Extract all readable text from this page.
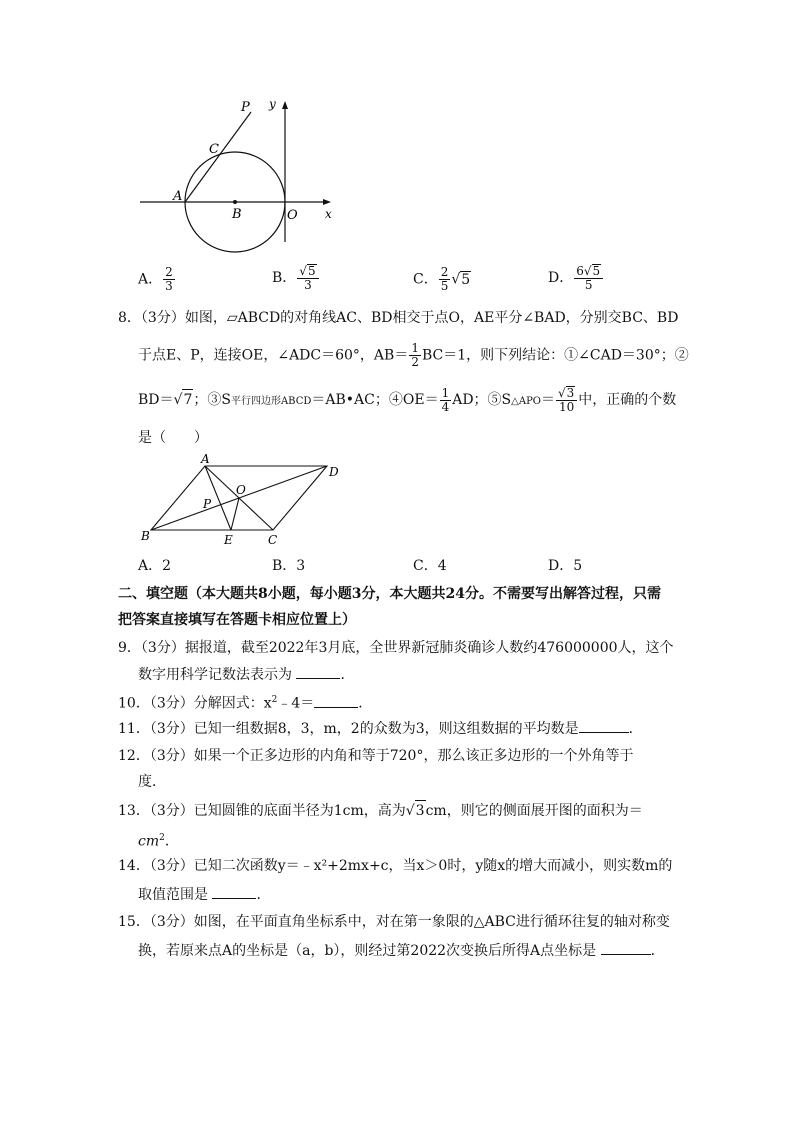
P y
C
A
B	O x
A． $\frac{2}{3}$	B． $\frac{√5}{3}$	C． $\frac{2}{5} √5$	D． $\frac{6√5}{5}$
8．（3分）如图，▱ABCD的对角线AC、BD相交于点O，AE平分∠BAD，分别交BC、BD
于点E、P，连接OE，∠ADC＝60°，$AB= \frac{1}{2} BC=1$，则下列结论：①∠CAD＝30°；②
BD＝√7；③S平行四边形ABCD＝AB•AC；④OE＝ $\frac{1}{4}$ AD；⑤S△APO＝ $\frac{√3}{10}$ 中，正确的个数
是（　　）
A
D
O
P
B	E	C
A．2	B．3	C．4	D．5
二、填空题（本大题共8小题，每小题3分，本大题共24分。不需要写出解答过程，只需
把答案直接填写在答题卡相应位置上）
9．（3分）据报道，截至2022年3月底，全世界新冠肺炎确诊人数约476000000人，这个
数字用科学记数法表示为	．
10．（3分）分解因式：$x^2﹣4=$	．
11．（3分）已知一组数据8，3，m，2的众数为3，则这组数据的平均数是	．
12．（3分）如果一个正多边形的内角和等于720°，那么该正多边形的一个外角等于
度．
13．（3分）已知圆锥的底面半径为1cm，高为√3cm，则它的侧面展开图的面积为＝
$cm^2$．
14．（3分）已知二次函数y＝﹣x²+2mx+c，当x＞0时，y随x的增大而减小，则实数m的
取值范围是	．
15．（3分）如图，在平面直角坐标系中，对在第一象限的△ABC进行循环往复的轴对称变
换，若原来点A的坐标是（a，b），则经过第2022次变换后所得A点坐标是	．
